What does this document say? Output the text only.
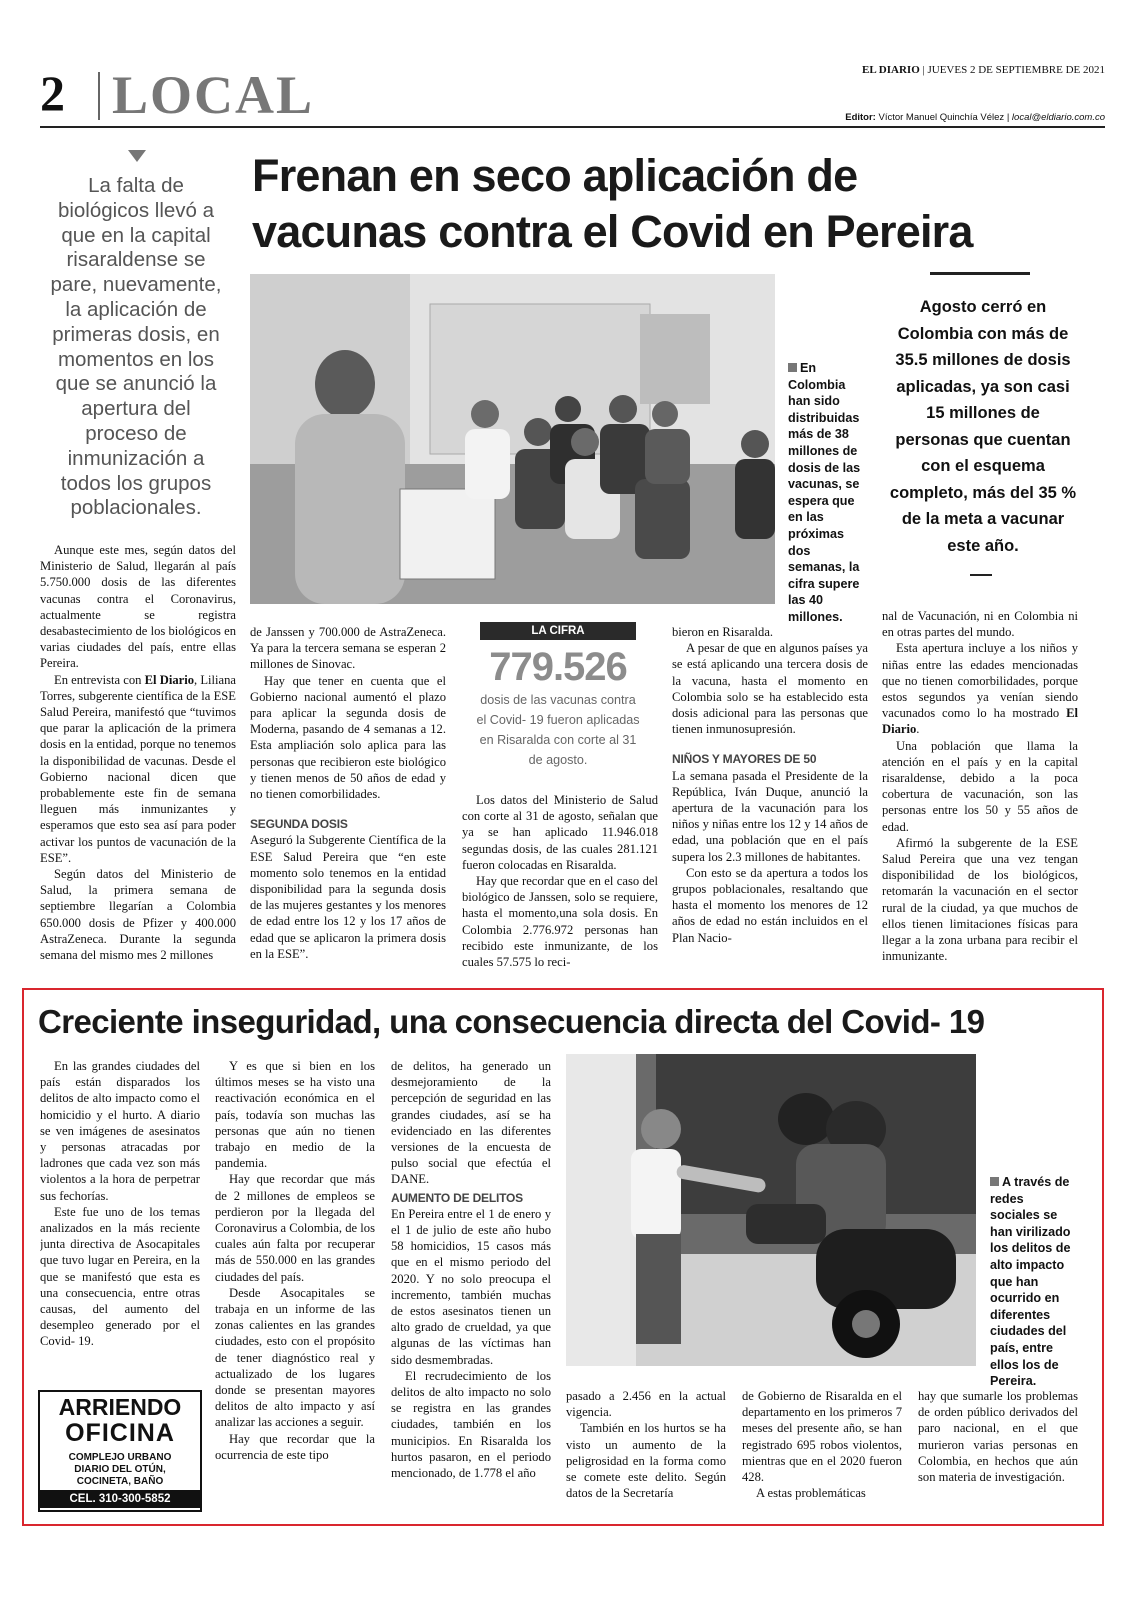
2 LOCAL	EL DIARIO | JUEVES 2 DE SEPTIEMBRE DE 2021
Editor: Víctor Manuel Quinchía Vélez | local@eldiario.com.co
La falta de biológicos llevó a que en la capital risaraldense se pare, nuevamente, la aplicación de primeras dosis, en momentos en los que se anunció la apertura del proceso de inmunización a todos los grupos poblacionales.
Frenan en seco aplicación de
vacunas contra el Covid en Pereira
En Colombia han sido distribuidas más de 38 millones de dosis de las vacunas, se espera que en las próximas dos semanas, la cifra supere las 40 millones.
Agosto cerró en Colombia con más de 35.5 millones de dosis aplicadas, ya son casi 15 millones de personas que cuentan con el esquema completo, más del 35 % de la meta a vacunar este año.

Aunque este mes, según datos del Ministerio de Salud, llegarán al país 5.750.000 dosis de las diferentes vacunas contra el Coronavirus, actualmente se registra desabastecimiento de los biológicos en varias ciudades del país, entre ellas Pereira.

En entrevista con El Diario, Liliana Torres, subgerente científica de la ESE Salud Pereira, manifestó que “tuvimos que parar la aplicación de la primera dosis en la entidad, porque no tenemos la disponibilidad de vacunas. Desde el Gobierno nacional dicen que probablemente este fin de semana lleguen más inmunizantes y esperamos que esto sea así para poder activar los puntos de vacunación de la ESE”.

Según datos del Ministerio de Salud, la primera semana de septiembre llegarían a Colombia 650.000 dosis de Pfizer y 400.000 AstraZeneca. Durante la segunda semana del mismo mes 2 millones

de Janssen y 700.000 de AstraZeneca. Ya para la tercera semana se esperan 2 millones de Sinovac.

Hay que tener en cuenta que el Gobierno nacional aumentó el plazo para aplicar la segunda dosis de Moderna, pasando de 4 semanas a 12. Esta ampliación solo aplica para las personas que recibieron este biológico y tienen menos de 50 años de edad y no tienen comorbilidades.

SEGUNDA DOSIS

Aseguró la Subgerente Científica de la ESE Salud Pereira que “en este momento solo tenemos en la entidad disponibilidad para la segunda dosis de las mujeres gestantes y los menores de edad entre los 12 y los 17 años de edad que se aplicaron la primera dosis en la ESE”.

LA CIFRA
779.526
dosis de las vacunas contra el Covid- 19 fueron aplicadas en Risaralda con corte al 31 de agosto.

Los datos del Ministerio de Salud con corte al 31 de agosto, señalan que ya se han aplicado 11.946.018 segundas dosis, de las cuales 281.121 fueron colocadas en Risaralda.

Hay que recordar que en el caso del biológico de Janssen, solo se requiere, hasta el momento,una sola dosis. En Colombia 2.776.972 personas han recibido este inmunizante, de los cuales 57.575 lo reci-

bieron en Risaralda.

A pesar de que en algunos países ya se está aplicando una tercera dosis de la vacuna, hasta el momento en Colombia solo se ha establecido esta dosis adicional para las personas que tienen inmunosupresión.

NIÑOS Y MAYORES DE 50

La semana pasada el Presidente de la República, Iván Duque, anunció la apertura de la vacunación para los niños y niñas entre los 12 y 14 años de edad, una población que en el país supera los 2.3 millones de habitantes.

Con esto se da apertura a todos los grupos poblacionales, resaltando que hasta el momento los menores de 12 años de edad no están incluidos en el Plan Nacio-

nal de Vacunación, ni en Colombia ni en otras partes del mundo.

Esta apertura incluye a los niños y niñas entre las edades mencionadas que no tienen comorbilidades, porque estos segundos ya venían siendo vacunados como lo ha mostrado El Diario.

Una población que llama la atención en el país y en la capital risaraldense, debido a la poca cobertura de vacunación, son las personas entre los 50 y 55 años de edad.

Afirmó la subgerente de la ESE Salud Pereira que una vez tengan disponibilidad de los biológicos, retomarán la vacunación en el sector rural de la ciudad, ya que muchos de ellos tienen limitaciones físicas para llegar a la zona urbana para recibir el inmunizante.

Creciente inseguridad, una consecuencia directa del Covid- 19

En las grandes ciudades del país están disparados los delitos de alto impacto como el homicidio y el hurto. A diario se ven imágenes de asesinatos y personas atracadas por ladrones que cada vez son más violentos a la hora de perpetrar sus fechorías.

Este fue uno de los temas analizados en la más reciente junta directiva de Asocapitales que tuvo lugar en Pereira, en la que se manifestó que esta es una consecuencia, entre otras causas, del aumento del desempleo generado por el Covid- 19.

Y es que si bien en los últimos meses se ha visto una reactivación económica en el país, todavía son muchas las personas que aún no tienen trabajo en medio de la pandemia.

Hay que recordar que más de 2 millones de empleos se perdieron por la llegada del Coronavirus a Colombia, de los cuales aún falta por recuperar más de 550.000 en las grandes ciudades del país.

Desde Asocapitales se trabaja en un informe de las zonas calientes en las grandes ciudades, esto con el propósito de tener diagnóstico real y actualizado de los lugares donde se presentan mayores delitos de alto impacto y así analizar las acciones a seguir.

Hay que recordar que la ocurrencia de este tipo

de delitos, ha generado un desmejoramiento de la percepción de seguridad en las grandes ciudades, así se ha evidenciado en las diferentes versiones de la encuesta de pulso social que efectúa el DANE.

AUMENTO DE DELITOS

En Pereira entre el 1 de enero y el 1 de julio de este año hubo 58 homicidios, 15 casos más que en el mismo periodo del 2020. Y no solo preocupa el incremento, también muchas de estos asesinatos tienen un alto grado de crueldad, ya que algunas de las víctimas han sido desmembradas.

El recrudecimiento de los delitos de alto impacto no solo se registra en las grandes ciudades, también en los municipios. En Risaralda los hurtos pasaron, en el periodo mencionado, de 1.778 el año

A través de redes sociales se han virilizado los delitos de alto impacto que han ocurrido en diferentes ciudades del país, entre ellos los de Pereira.

pasado a 2.456 en la actual vigencia.

También en los hurtos se ha visto un aumento de la peligrosidad en la forma como se comete este delito. Según datos de la Secretaría

de Gobierno de Risaralda en el departamento en los primeros 7 meses del presente año, se han registrado 695 robos violentos, mientras que en el 2020 fueron 428.

A estas problemáticas

hay que sumarle los problemas de orden público derivados del paro nacional, en el que murieron varias personas en Colombia, en hechos que aún son materia de investigación.

ARRIENDO
OFICINA
COMPLEJO URBANO
DIARIO DEL OTÚN,
COCINETA, BAÑO
CEL. 310-300-5852
